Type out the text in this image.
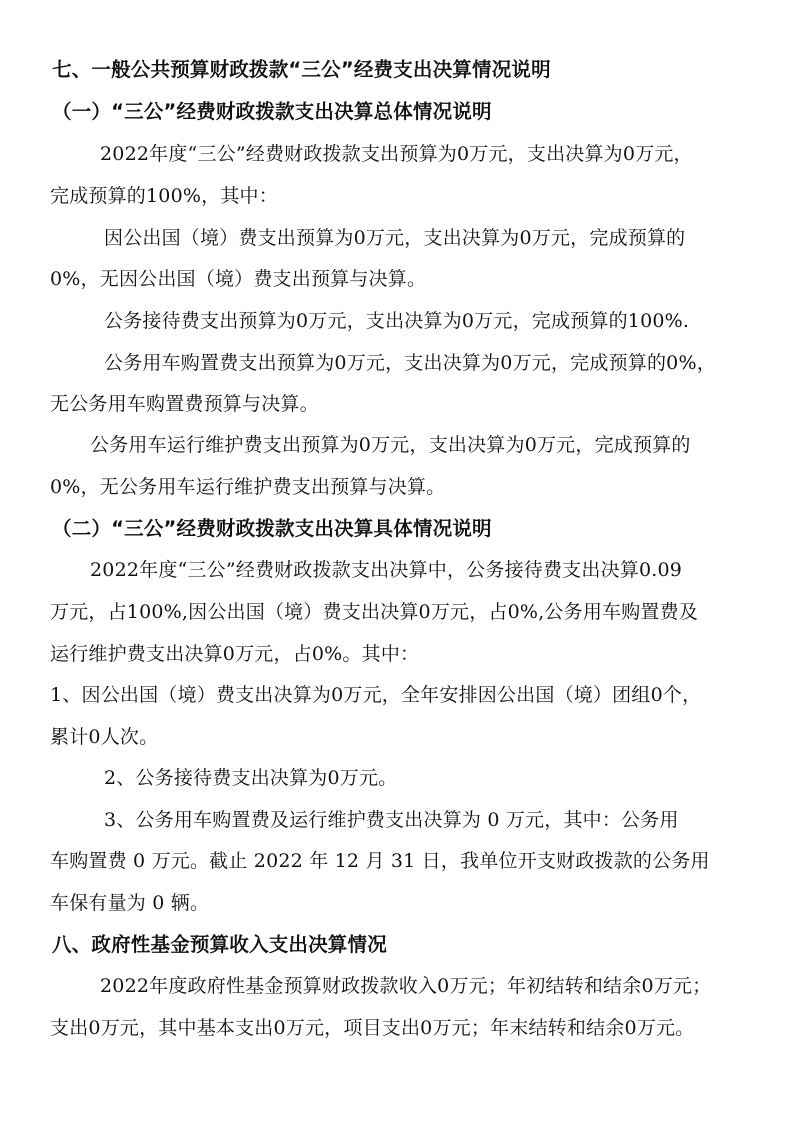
七、一般公共预算财政拨款“三公”经费支出决算情况说明
（一）“三公”经费财政拨款支出决算总体情况说明
2022年度“三公”经费财政拨款支出预算为0万元，支出决算为0万元，
完成预算的100%，其中：
因公出国（境）费支出预算为0万元，支出决算为0万元，完成预算的
0%，无因公出国（境）费支出预算与决算。
公务接待费支出预算为0万元，支出决算为0万元，完成预算的100%.
公务用车购置费支出预算为0万元，支出决算为0万元，完成预算的0%，
无公务用车购置费预算与决算。
公务用车运行维护费支出预算为0万元，支出决算为0万元，完成预算的
0%，无公务用车运行维护费支出预算与决算。
（二）“三公”经费财政拨款支出决算具体情况说明
2022年度“三公”经费财政拨款支出决算中，公务接待费支出决算0.09
万元，占100%,因公出国（境）费支出决算0万元，占0%,公务用车购置费及
运行维护费支出决算0万元，占0%。其中：
1、因公出国（境）费支出决算为0万元，全年安排因公出国（境）团组0个，
累计0人次。
2、公务接待费支出决算为0万元。
3、公务用车购置费及运行维护费支出决算为 0 万元，其中：公务用
车购置费 0 万元。截止 2022 年 12 月 31 日，我单位开支财政拨款的公务用
车保有量为 0 辆。
八、政府性基金预算收入支出决算情况
2022年度政府性基金预算财政拨款收入0万元；年初结转和结余0万元；
支出0万元，其中基本支出0万元，项目支出0万元；年末结转和结余0万元。
